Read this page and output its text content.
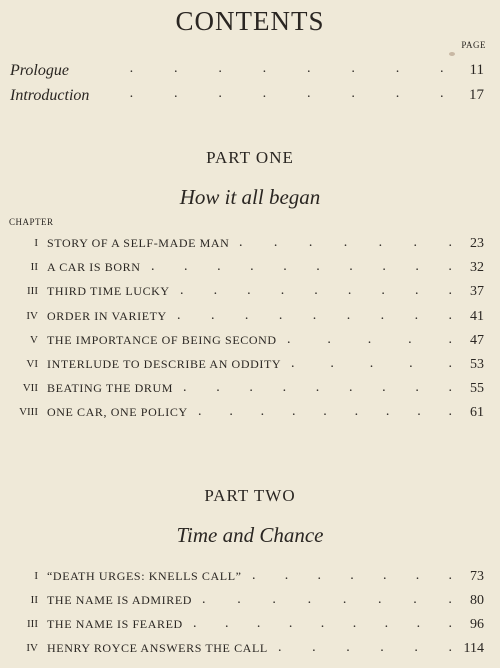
CONTENTS
PAGE
Prologue	.	.	.	.	.	.	.	. 11
Introduction	.	.	.	.	.	.	.	. 17
PART ONE
How it all began
CHAPTER
I STORY OF A SELF-MADE MAN . . . . . . . 23
II A CAR IS BORN . . . . . . . . . . 32
III THIRD TIME LUCKY . . . . . . . . . 37
IV ORDER IN VARIETY . . . . . . . . . 41
V THE IMPORTANCE OF BEING SECOND .	.	.	.	. 47
VI INTERLUDE TO DESCRIBE AN ODDITY .	.	.	.	. 53
VII BEATING THE DRUM . . . . . . . . . 55
VIII ONE CAR, ONE POLICY . . . . . . . . . 61
PART TWO
Time and Chance
I “DEATH URGES: KNELLS CALL” . . . . . . . 73
II THE NAME IS ADMIRED . . . . . . . . 80
III THE NAME IS FEARED . . . . . . . . . 96
IV HENRY ROYCE ANSWERS THE CALL . . . . . . 114
